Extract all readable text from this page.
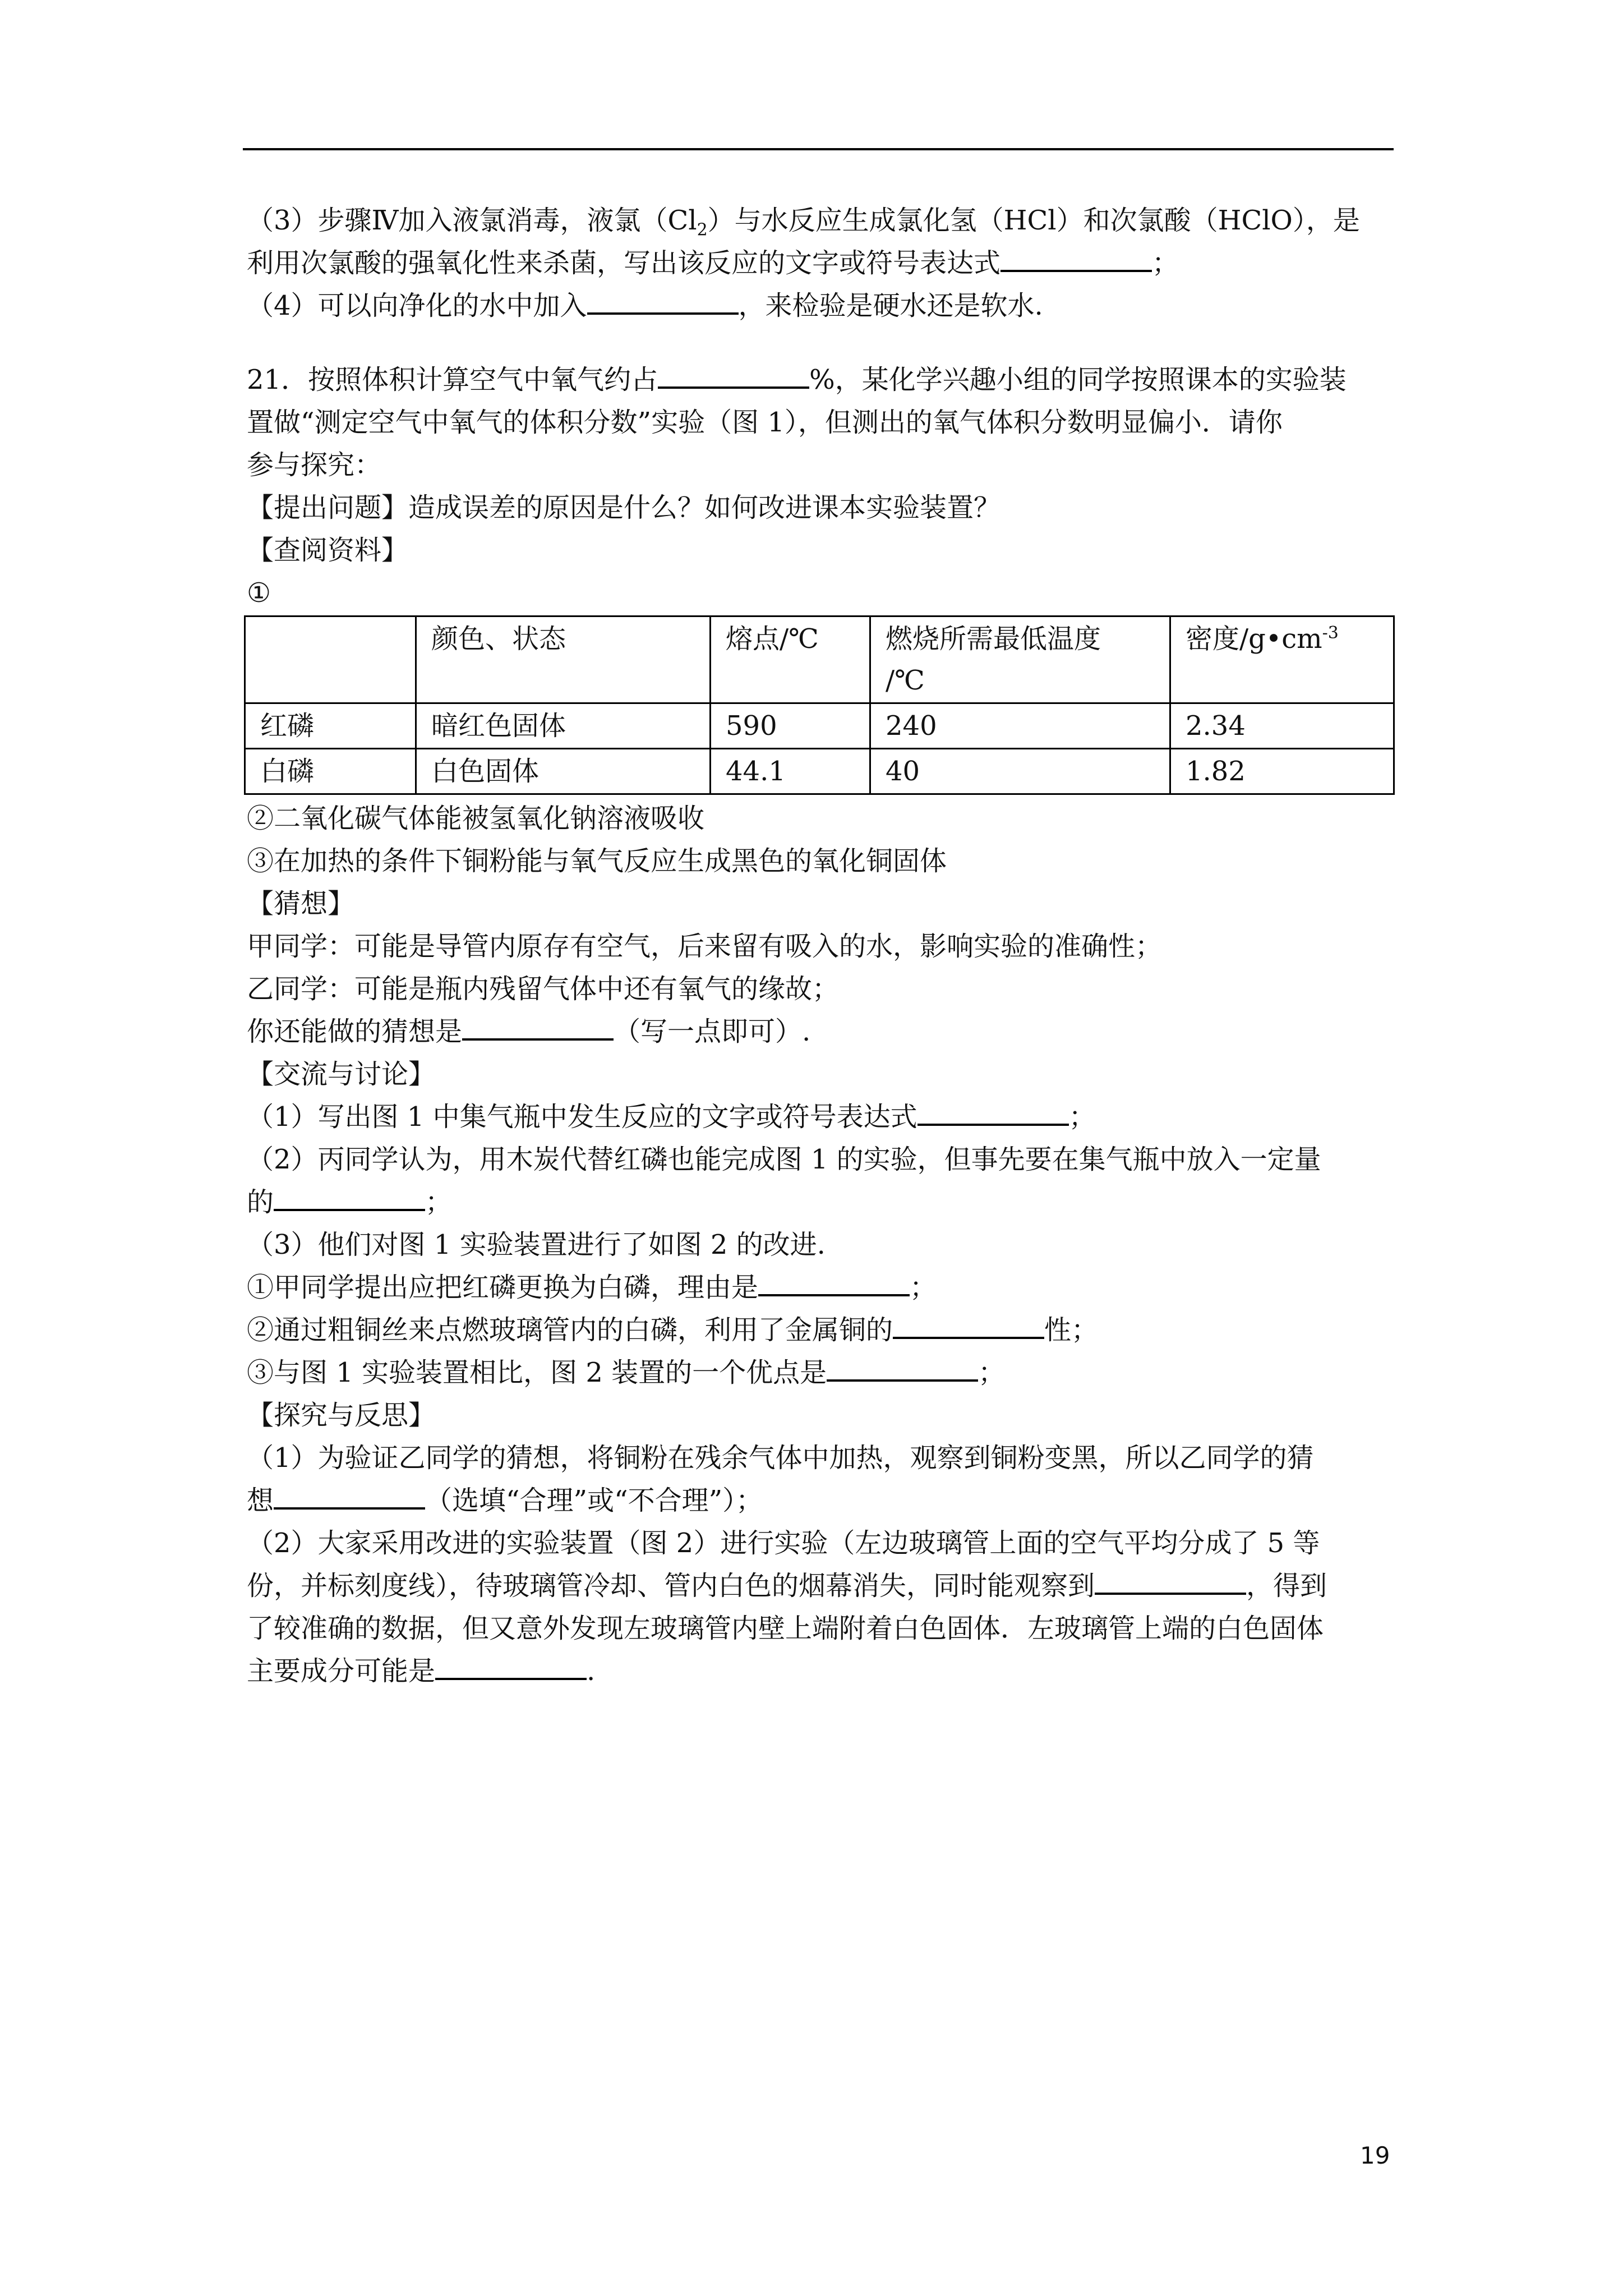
（3）步骤Ⅳ加入液氯消毒，液氯$(Cl_2)$与水反应生成氯化氢（HCl）和次氯酸（HClO），是
利用次氯酸的强氧化性来杀菌，写出该反应的文字或符号表达式	；
（4）可以向净化的水中加入	，来检验是硬水还是软水.
21．按照体积计算空气中氧气约占	%，某化学兴趣小组的同学按照课本的实验装
置做“测定空气中氧气的体积分数”实验（图 1），但测出的氧气体积分数明显偏小．请你
参与探究：
【提出问题】造成误差的原因是什么？如何改进课本实验装置？
【查阅资料】
①
	颜色、状态	熔点/℃	燃烧所需最低温度
/℃	密度$/g•cm^{-3}$
红磷	暗红色固体	590	240	2.34
白磷	白色固体	44.1	40	1.82
②二氧化碳气体能被氢氧化钠溶液吸收
③在加热的条件下铜粉能与氧气反应生成黑色的氧化铜固体
【猜想】
甲同学：可能是导管内原存有空气，后来留有吸入的水，影响实验的准确性；
乙同学：可能是瓶内残留气体中还有氧气的缘故；
你还能做的猜想是	（写一点即可）.
【交流与讨论】
（1）写出图 1 中集气瓶中发生反应的文字或符号表达式	；
（2）丙同学认为，用木炭代替红磷也能完成图 1 的实验，但事先要在集气瓶中放入一定量
的	；
（3）他们对图 1 实验装置进行了如图 2 的改进.
①甲同学提出应把红磷更换为白磷，理由是	；
②通过粗铜丝来点燃玻璃管内的白磷，利用了金属铜的	性；
③与图 1 实验装置相比，图 2 装置的一个优点是	；
【探究与反思】
（1）为验证乙同学的猜想，将铜粉在残余气体中加热，观察到铜粉变黑，所以乙同学的猜
想	（选填“合理”或“不合理”）；
（2）大家采用改进的实验装置（图 2）进行实验（左边玻璃管上面的空气平均分成了 5 等
份，并标刻度线），待玻璃管冷却、管内白色的烟幕消失，同时能观察到	，得到
了较准确的数据，但又意外发现左玻璃管内壁上端附着白色固体．左玻璃管上端的白色固体
主要成分可能是	.
19
